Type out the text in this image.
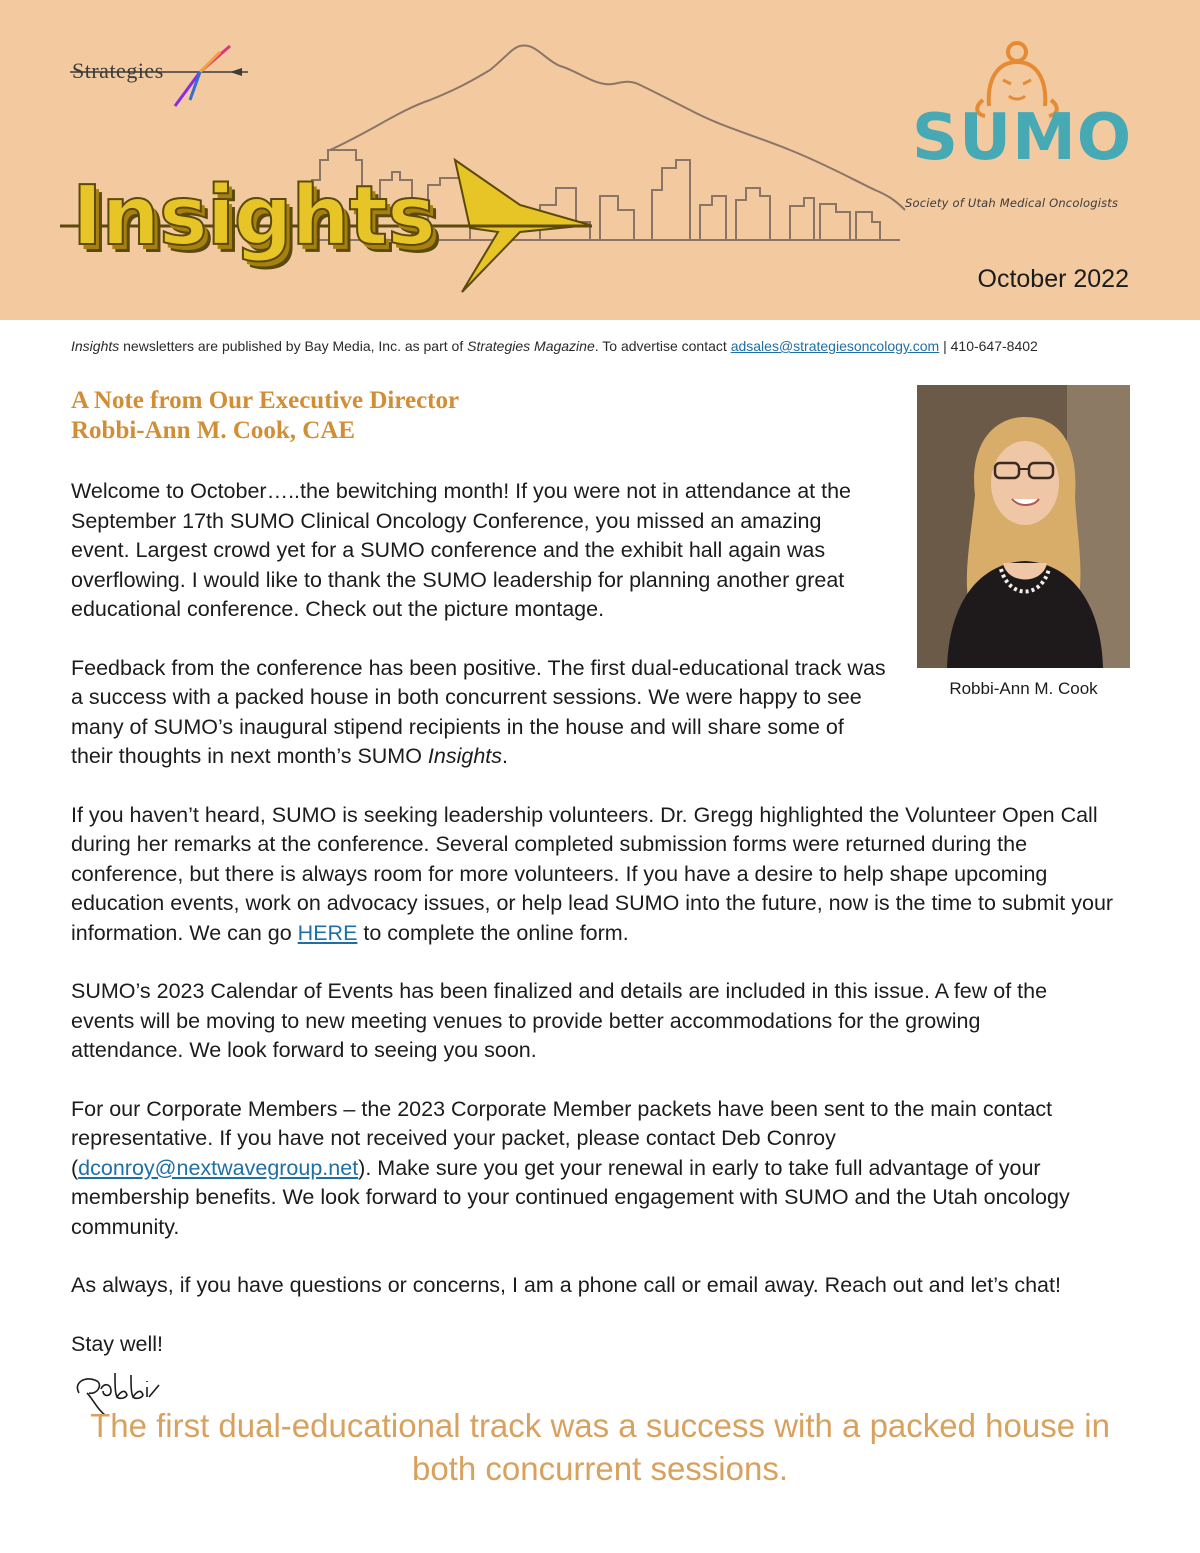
Strategies
Insights
SUMO
Society of Utah Medical Oncologists
October 2022
Insights newsletters are published by Bay Media, Inc. as part of Strategies Magazine. To advertise contact adsales@strategiesoncology.com | 410-647-8402
A Note from Our Executive Director
Robbi-Ann M. Cook, CAE
Robbi-Ann M. Cook

Welcome to October…..the bewitching month! If you were not in attendance at the September 17th SUMO Clinical Oncology Conference, you missed an amazing event. Largest crowd yet for a SUMO conference and the exhibit hall again was overflowing. I would like to thank the SUMO leadership for planning another great educational conference. Check out the picture montage.

Feedback from the conference has been positive. The first dual-educational track was a success with a packed house in both concurrent sessions. We were happy to see many of SUMO’s inaugural stipend recipients in the house and will share some of their thoughts in next month’s SUMO Insights.

If you haven’t heard, SUMO is seeking leadership volunteers. Dr. Gregg highlighted the Volunteer Open Call during her remarks at the conference. Several completed submission forms were returned during the conference, but there is always room for more volunteers. If you have a desire to help shape upcoming education events, work on advocacy issues, or help lead SUMO into the future, now is the time to submit your information. We can go HERE to complete the online form.

SUMO’s 2023 Calendar of Events has been finalized and details are included in this issue. A few of the events will be moving to new meeting venues to provide better accommodations for the growing attendance. We look forward to seeing you soon.

For our Corporate Members – the 2023 Corporate Member packets have been sent to the main contact representative. If you have not received your packet, please contact Deb Conroy (dconroy@nextwavegroup.net). Make sure you get your renewal in early to take full advantage of your membership benefits. We look forward to your continued engagement with SUMO and the Utah oncology community.

As always, if you have questions or concerns, I am a phone call or email away. Reach out and let’s chat!

Stay well!

The first dual-educational track was a success with a packed house in both concurrent sessions.
